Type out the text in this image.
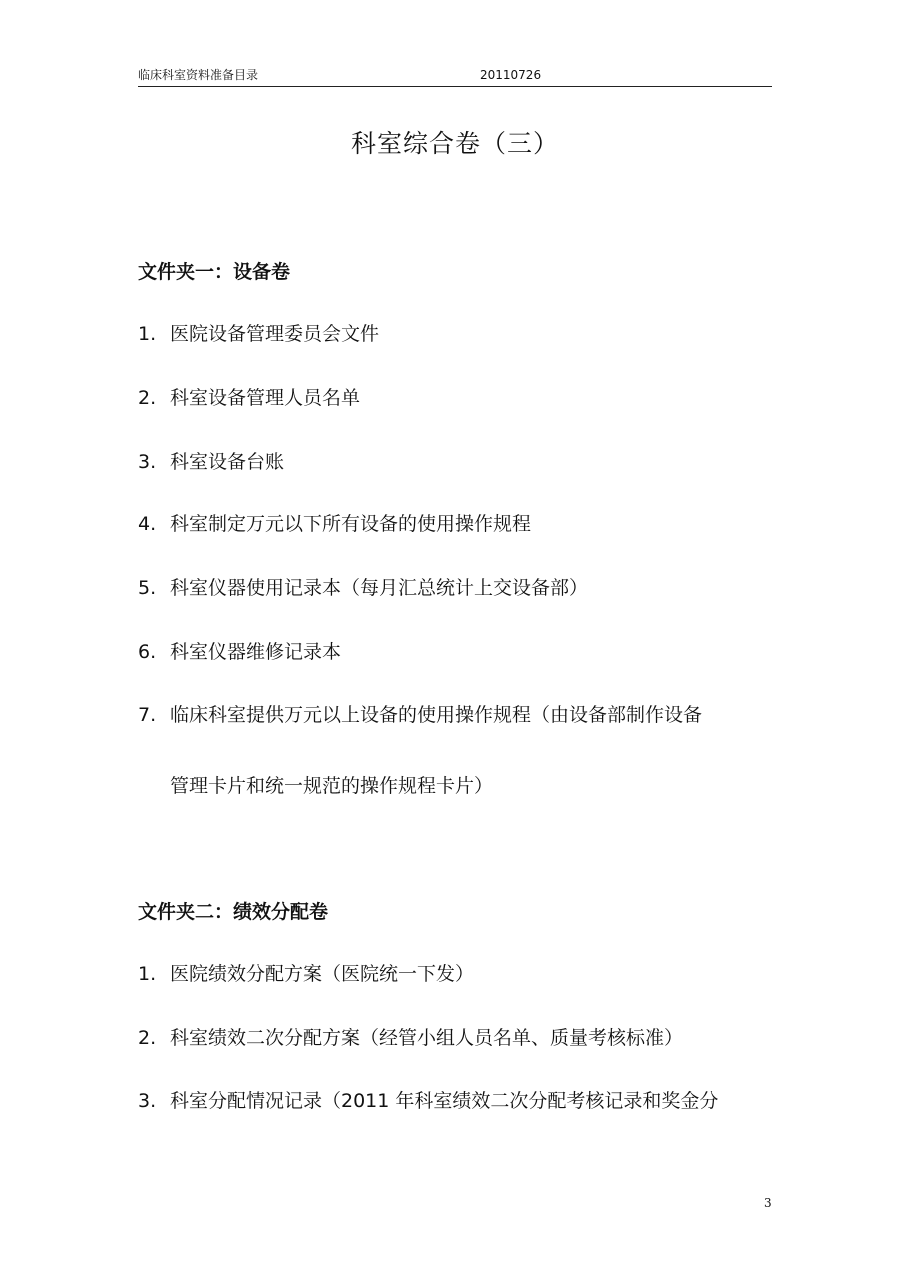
临床科室资料准备目录	20110726
科室综合卷（三）
文件夹一：设备卷
1. 医院设备管理委员会文件
2. 科室设备管理人员名单
3. 科室设备台账
4. 科室制定万元以下所有设备的使用操作规程
5. 科室仪器使用记录本（每月汇总统计上交设备部）
6. 科室仪器维修记录本
7. 临床科室提供万元以上设备的使用操作规程（由设备部制作设备
管理卡片和统一规范的操作规程卡片）
文件夹二：绩效分配卷
1. 医院绩效分配方案（医院统一下发）
2. 科室绩效二次分配方案（经管小组人员名单、质量考核标准）
3. 科室分配情况记录（2011 年科室绩效二次分配考核记录和奖金分
3
